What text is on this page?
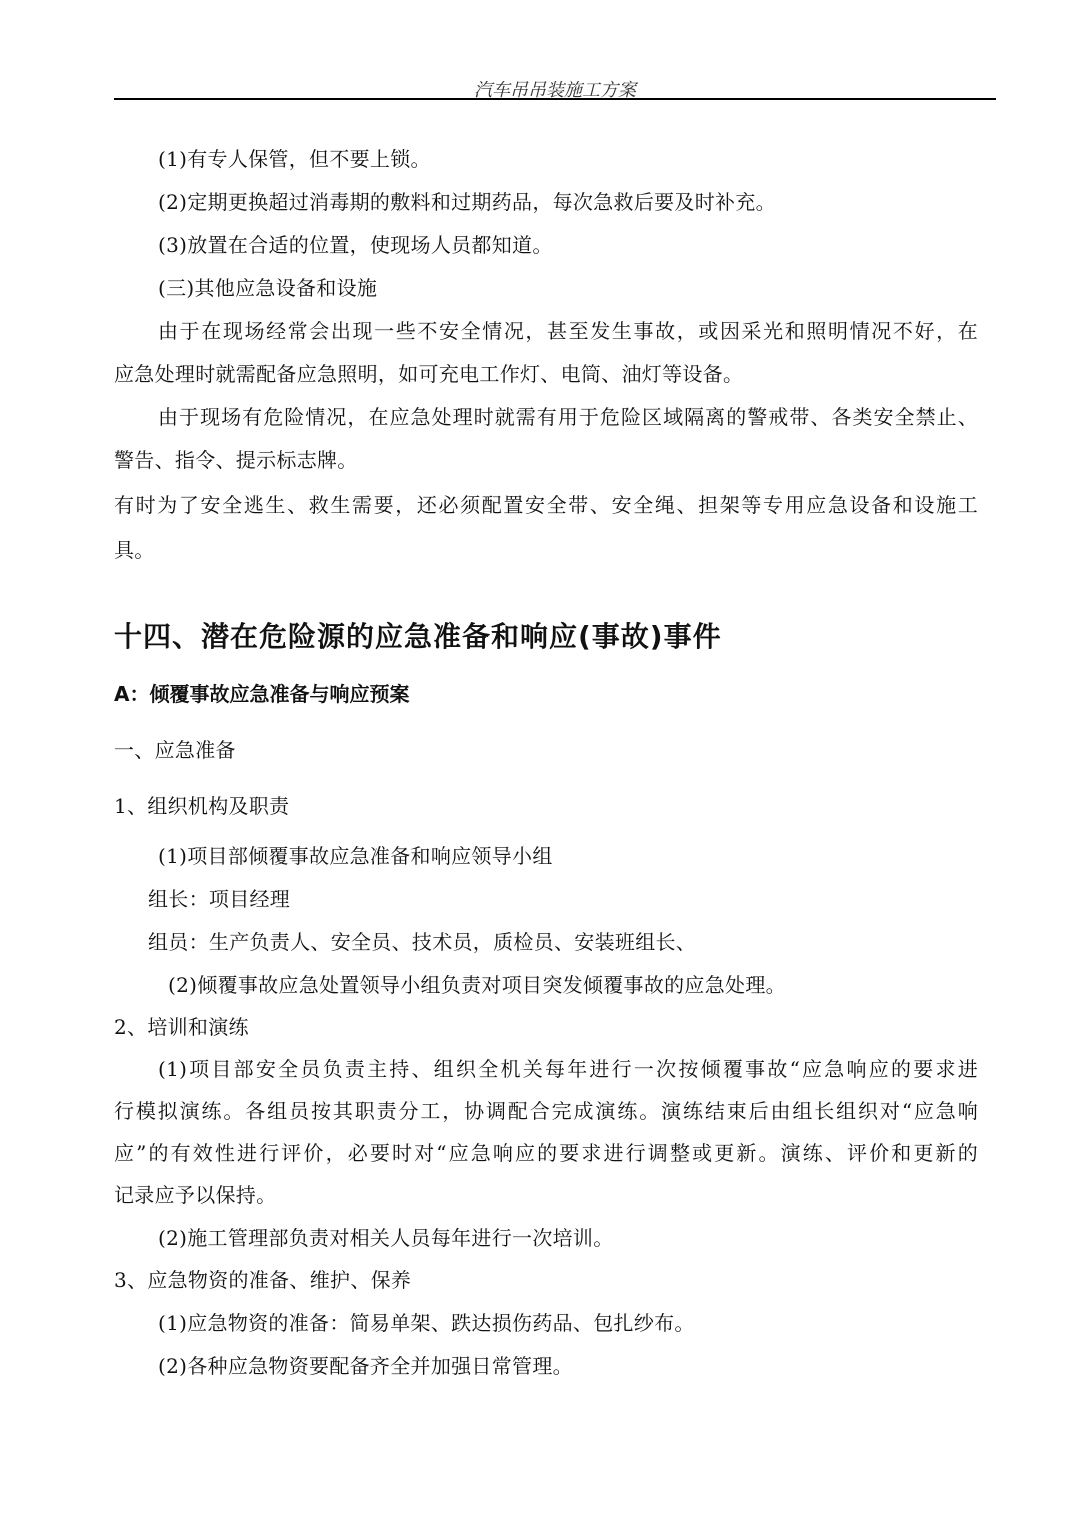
汽车吊吊装施工方案
(1)有专人保管，但不要上锁。
(2)定期更换超过消毒期的敷料和过期药品，每次急救后要及时补充。
(3)放置在合适的位置，使现场人员都知道。
(三)其他应急设备和设施
由于在现场经常会出现一些不安全情况，甚至发生事故，或因采光和照明情况不好，在
应急处理时就需配备应急照明，如可充电工作灯、电筒、油灯等设备。
由于现场有危险情况，在应急处理时就需有用于危险区域隔离的警戒带、各类安全禁止、
警告、指令、提示标志牌。
有时为了安全逃生、救生需要，还必须配置安全带、安全绳、担架等专用应急设备和设施工
具。
十四、潜在危险源的应急准备和响应(事故)事件
A：倾覆事故应急准备与响应预案
一、应急准备
1、组织机构及职责
(1)项目部倾覆事故应急准备和响应领导小组
组长：项目经理
组员：生产负责人、安全员、技术员，质检员、安装班组长、
(2)倾覆事故应急处置领导小组负责对项目突发倾覆事故的应急处理。
2、培训和演练
(1)项目部安全员负责主持、组织全机关每年进行一次按倾覆事故“应急响应的要求进
行模拟演练。各组员按其职责分工，协调配合完成演练。演练结束后由组长组织对“应急响
应”的有效性进行评价，必要时对“应急响应的要求进行调整或更新。演练、评价和更新的
记录应予以保持。
(2)施工管理部负责对相关人员每年进行一次培训。
3、应急物资的准备、维护、保养
(1)应急物资的准备：简易单架、跌达损伤药品、包扎纱布。
(2)各种应急物资要配备齐全并加强日常管理。
